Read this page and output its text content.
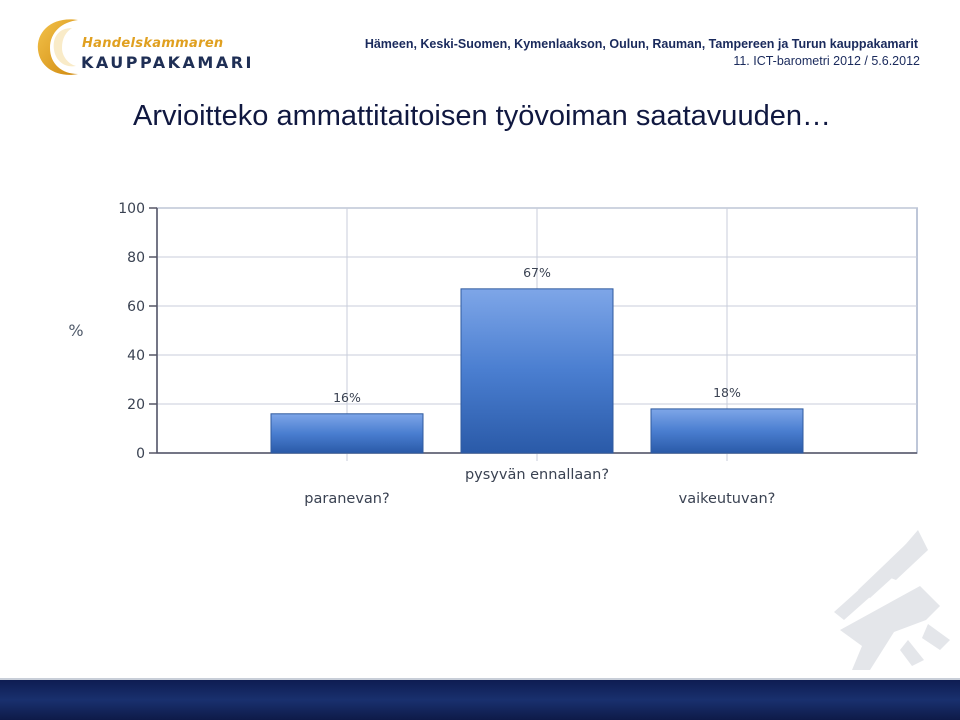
Handelskammaren
KAUPPAKAMARI
Hämeen, Keski-Suomen, Kymenlaakson, Oulun, Rauman, Tampereen ja Turun kauppakamarit
11. ICT-barometri 2012 / 5.6.2012
Arvioitteko ammattitaitoisen työvoiman saatavuuden…
0
20
40
60
80
100
16%
67%
18%
paranevan?
pysyvän ennallaan?
vaikeutuvan?
%
